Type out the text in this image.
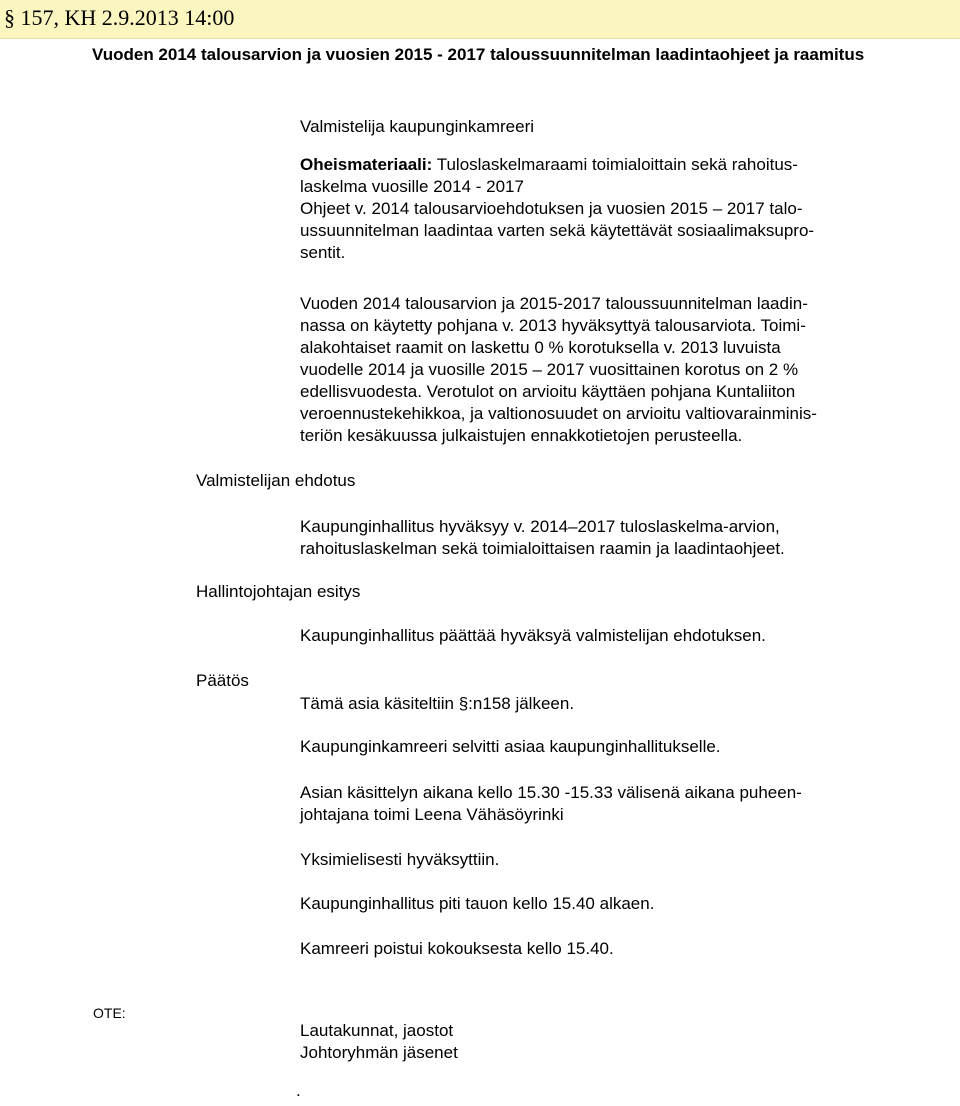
§ 157, KH 2.9.2013 14:00
Vuoden 2014 talousarvion ja vuosien 2015 - 2017 taloussuunnitelman laadintaohjeet ja raamitus
Valmistelija kaupunginkamreeri

Oheismateriaali: Tuloslaskelmaraami toimialoittain sekä rahoitus-

laskelma vuosille 2014 - 2017

Ohjeet v. 2014 talousarvioehdotuksen ja vuosien 2015 – 2017 talo-

ussuunnitelman laadintaa varten sekä käytettävät sosiaalimaksupro-

sentit.

Vuoden 2014 talousarvion ja 2015-2017 taloussuunnitelman laadin-

nassa on käytetty pohjana v. 2013 hyväksyttyä talousarviota. Toimi-

alakohtaiset raamit on laskettu 0 % korotuksella v. 2013 luvuista

vuodelle 2014 ja vuosille 2015 – 2017 vuosittainen korotus on 2 %

edellisvuodesta. Verotulot on arvioitu käyttäen pohjana Kuntaliiton

veroennustekehikkoa, ja valtionosuudet on arvioitu valtiovarainminis-

teriön kesäkuussa julkaistujen ennakkotietojen perusteella.

Valmistelijan ehdotus

Kaupunginhallitus hyväksyy v. 2014–2017 tuloslaskelma-arvion,

rahoituslaskelman sekä toimialoittaisen raamin ja laadintaohjeet.

Hallintojohtajan esitys
Kaupunginhallitus päättää hyväksyä valmistelijan ehdotuksen.
Päätös
Tämä asia käsiteltiin §:n158 jälkeen.
Kaupunginkamreeri selvitti asiaa kaupunginhallitukselle.

Asian käsittelyn aikana kello 15.30 -15.33 välisenä aikana puheen-

johtajana toimi Leena Vähäsöyrinki

Yksimielisesti hyväksyttiin.
Kaupunginhallitus piti tauon kello 15.40 alkaen.
Kamreeri poistui kokouksesta kello 15.40.
OTE:

Lautakunnat, jaostot

Johtoryhmän jäsenet

.
